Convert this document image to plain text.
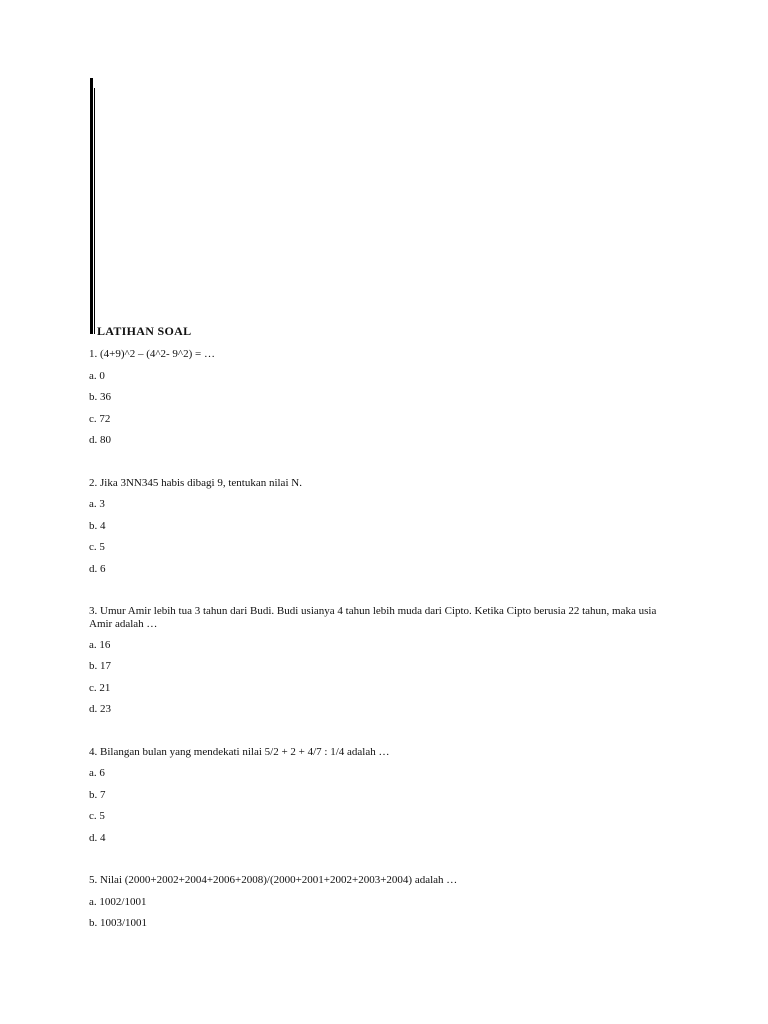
LATIHAN SOAL
1. (4+9)^2 – (4^2- 9^2) = …
a. 0
b. 36
c. 72
d. 80
2. Jika 3NN345 habis dibagi 9, tentukan nilai N.
a. 3
b. 4
c. 5
d. 6
3. Umur Amir lebih tua 3 tahun dari Budi. Budi usianya 4 tahun lebih muda dari Cipto. Ketika Cipto berusia 22 tahun, maka usia Amir adalah …
a. 16
b. 17
c. 21
d. 23
4. Bilangan bulan yang mendekati nilai 5/2 + 2 + 4/7 : 1/4 adalah …
a. 6
b. 7
c. 5
d. 4
5. Nilai (2000+2002+2004+2006+2008)/(2000+2001+2002+2003+2004) adalah …
a. 1002/1001
b. 1003/1001
